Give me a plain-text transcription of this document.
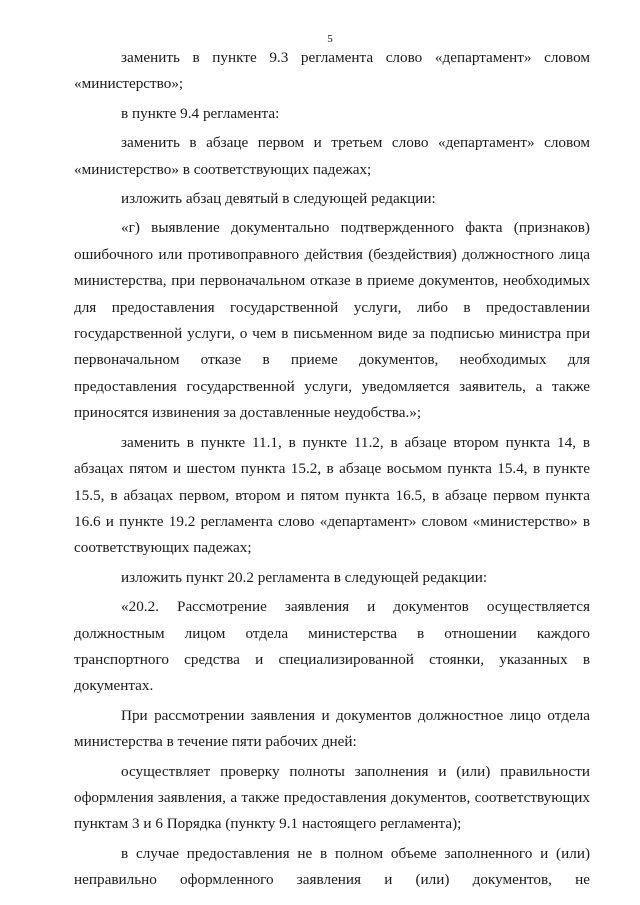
5

заменить в пункте 9.3 регламента слово «департамент» словом «министерство»;

в пункте 9.4 регламента:

заменить в абзаце первом и третьем слово «департамент» словом «министерство» в соответствующих падежах;

изложить абзац девятый в следующей редакции:

«г) выявление документально подтвержденного факта (признаков) ошибочного или противоправного действия (бездействия) должностного лица министерства, при первоначальном отказе в приеме документов, необходимых для предоставления государственной услуги, либо в предоставлении государственной услуги, о чем в письменном виде за подписью министра при первоначальном отказе в приеме документов, необходимых для предоставления государственной услуги, уведомляется заявитель, а также приносятся извинения за доставленные неудобства.»;

заменить в пункте 11.1, в пункте 11.2, в абзаце втором пункта 14, в абзацах пятом и шестом пункта 15.2, в абзаце восьмом пункта 15.4, в пункте 15.5, в абзацах первом, втором и пятом пункта 16.5, в абзаце первом пункта 16.6 и пункте 19.2 регламента слово «департамент» словом «министерство» в соответствующих падежах;

изложить пункт 20.2 регламента в следующей редакции:

«20.2. Рассмотрение заявления и документов осуществляется должностным лицом отдела министерства в отношении каждого транспортного средства и специализированной стоянки, указанных в документах.

При рассмотрении заявления и документов должностное лицо отдела министерства в течение пяти рабочих дней:

осуществляет проверку полноты заполнения и (или) правильности оформления заявления, а также предоставления документов, соответствующих пунктам 3 и 6 Порядка (пункту 9.1 настоящего регламента);

в случае предоставления не в полном объеме заполненного и (или) неправильно оформленного заявления и (или) документов, не
